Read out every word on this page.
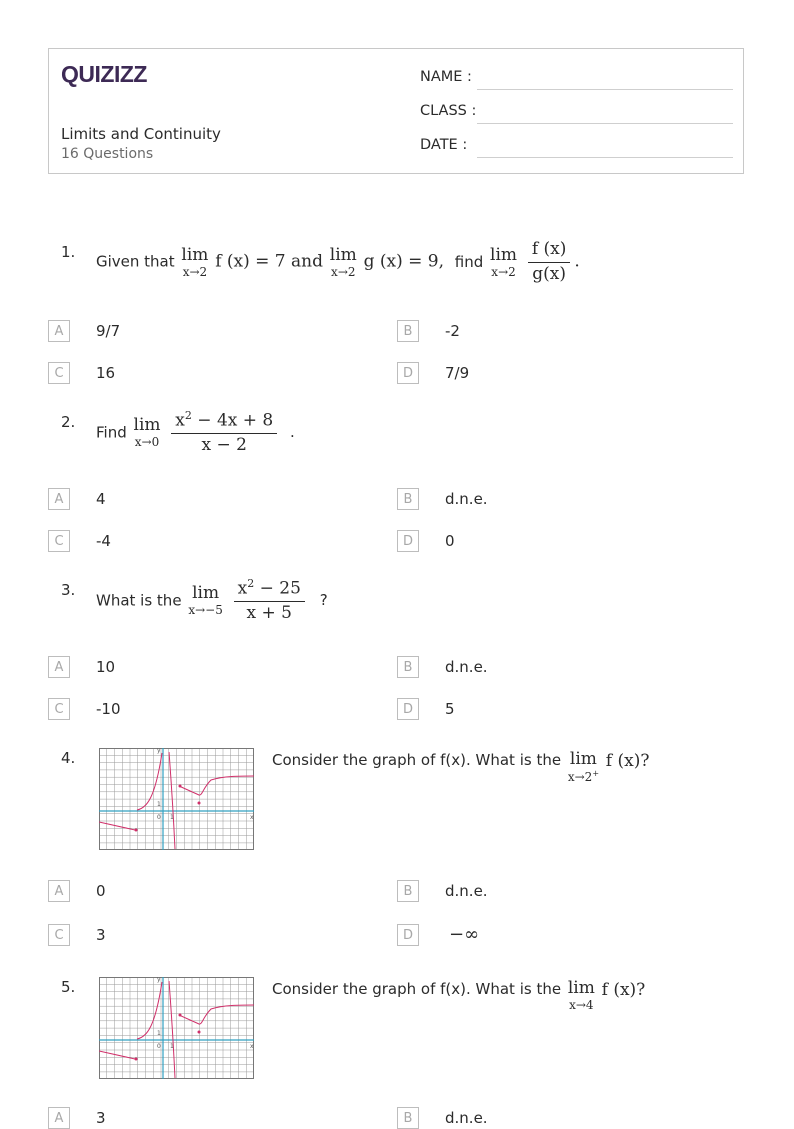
QUIZIZZ
Limits and Continuity
16 Questions
NAME :
CLASS :
DATE :
1.
Given that lim
x→2 f (x) = 7 and lim
x→2 g (x) = 9, find lim
x→2
$\frac{f (x)}{g(x)}$ .
A	9/7	B	-2
C	16	D	7/9
2.
Find lim
x→0
$\frac{x^2 - 4x + 8}{x - 2}$ .
A	4	B	d.n.e.
C	-4	D	0
3.
What is the lim
x→−5
$\frac{x^2 - 25}{x + 5}$ ?
A	10	B	d.n.e.
C	-10	D	5
4.
x
y
0 1
1
Consider the graph of f(x). What is the lim
x→2+
f (x)?
A	0	B	d.n.e.
C	3	D	−∞
5.
x
y
0 1
1
Consider the graph of f(x). What is the lim
x→4
f (x)?
A	3	B	d.n.e.
